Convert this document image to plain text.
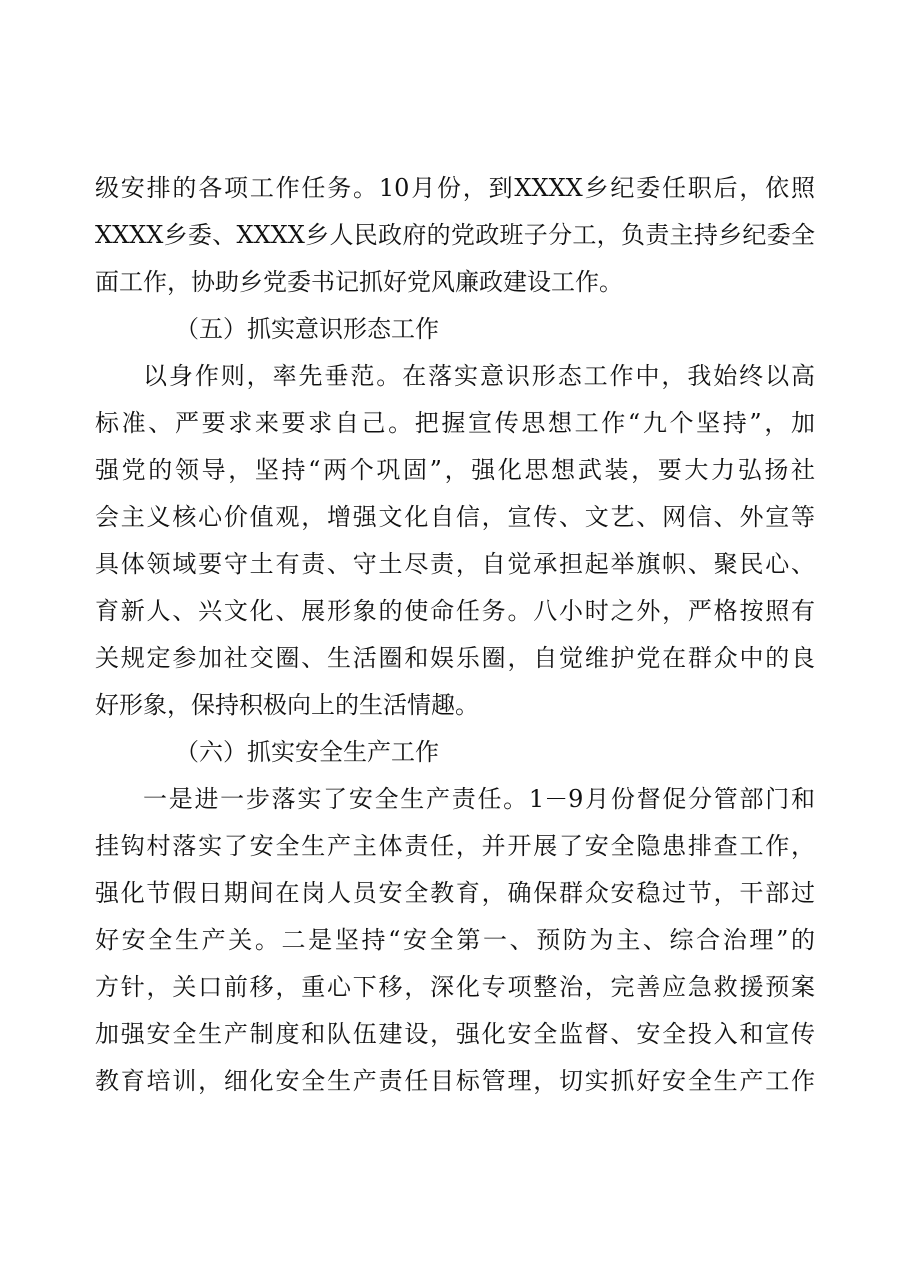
级安排的各项工作任务。10月份，到XXXX乡纪委任职后，依照
XXXX乡委、XXXX乡人民政府的党政班子分工，负责主持乡纪委全
面工作，协助乡党委书记抓好党风廉政建设工作。
（五）抓实意识形态工作
以身作则，率先垂范。在落实意识形态工作中，我始终以高
标准、严要求来要求自己。把握宣传思想工作“九个坚持”，加
强党的领导，坚持“两个巩固”，强化思想武装，要大力弘扬社
会主义核心价值观，增强文化自信，宣传、文艺、网信、外宣等
具体领域要守土有责、守土尽责，自觉承担起举旗帜、聚民心、
育新人、兴文化、展形象的使命任务。八小时之外，严格按照有
关规定参加社交圈、生活圈和娱乐圈，自觉维护党在群众中的良
好形象，保持积极向上的生活情趣。
（六）抓实安全生产工作
一是进一步落实了安全生产责任。1－9月份督促分管部门和
挂钩村落实了安全生产主体责任，并开展了安全隐患排查工作，
强化节假日期间在岗人员安全教育，确保群众安稳过节，干部过
好安全生产关。二是坚持“安全第一、预防为主、综合治理”的
方针，关口前移，重心下移，深化专项整治，完善应急救援预案
加强安全生产制度和队伍建设，强化安全监督、安全投入和宣传
教育培训，细化安全生产责任目标管理，切实抓好安全生产工作
